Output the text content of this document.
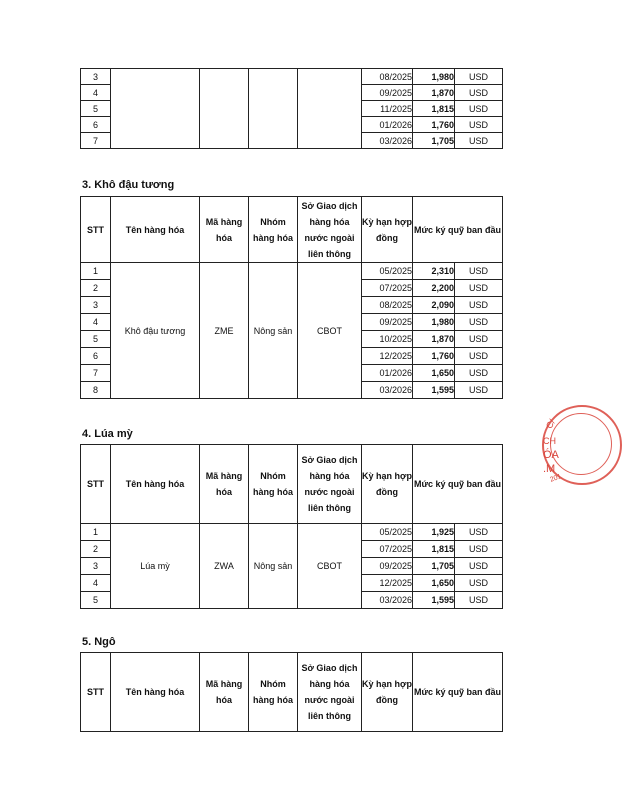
3					08/2025	1,980	USD
4					09/2025	1,870	USD
5					11/2025	1,815	USD
6					01/2026	1,760	USD
7					03/2026	1,705	USD
3. Khô đậu tương
STT	Tên hàng hóa	Mã hàng hóa	Nhóm hàng hóa	Sở Giao dịch hàng hóa nước ngoài liên thông	Kỳ hạn hợp đồng	Mức ký quỹ ban đầu	
1	Khô đậu tương	ZME	Nông sản	CBOT	05/2025	2,310	USD
2					07/2025	2,200	USD
3					08/2025	2,090	USD
4					09/2025	1,980	USD
5					10/2025	1,870	USD
6					12/2025	1,760	USD
7					01/2026	1,650	USD
8					03/2026	1,595	USD
4. Lúa mỳ
STT	Tên hàng hóa	Mã hàng hóa	Nhóm hàng hóa	Sở Giao dịch hàng hóa nước ngoài liên thông	Kỳ hạn hợp đồng	Mức ký quỹ ban đầu	
1	Lúa mỳ	ZWA	Nông sản	CBOT	05/2025	1,925	USD
2					07/2025	1,815	USD
3					09/2025	1,705	USD
4					12/2025	1,650	USD
5					03/2026	1,595	USD
5. Ngô
STT	Tên hàng hóa	Mã hàng hóa	Nhóm hàng hóa	Sở Giao dịch hàng hóa nước ngoài liên thông	Kỳ hạn hợp đồng	Mức ký quỹ ban đầu
C/
CH
ÓA
.M
201
